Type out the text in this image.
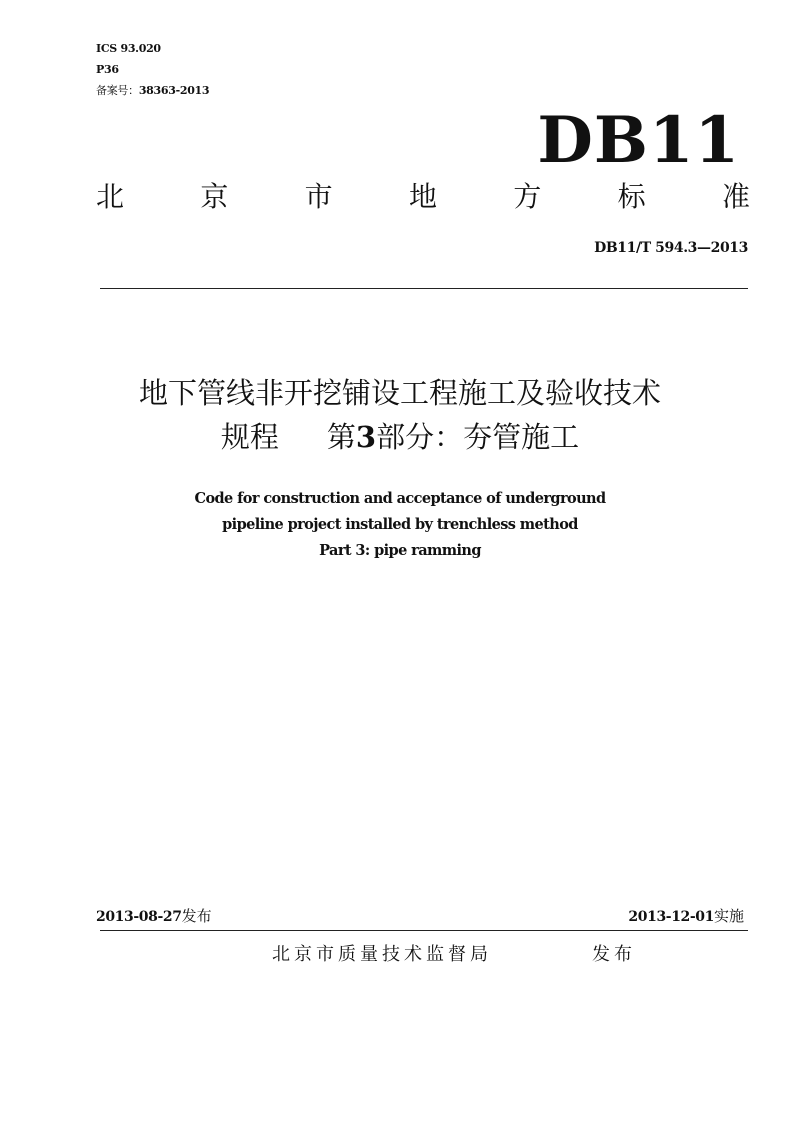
ICS 93.020
P36
备案号：38363-2013
DB11
北	京	市	地	方	标	准
DB11/T 594.3—2013
地下管线非开挖铺设工程施工及验收技术
规程 第3部分：夯管施工
Code for construction and acceptance of underground
pipeline project installed by trenchless method
Part 3: pipe ramming
2013-08-27发布	2013-12-01实施
北京市质量技术监督局	发布
